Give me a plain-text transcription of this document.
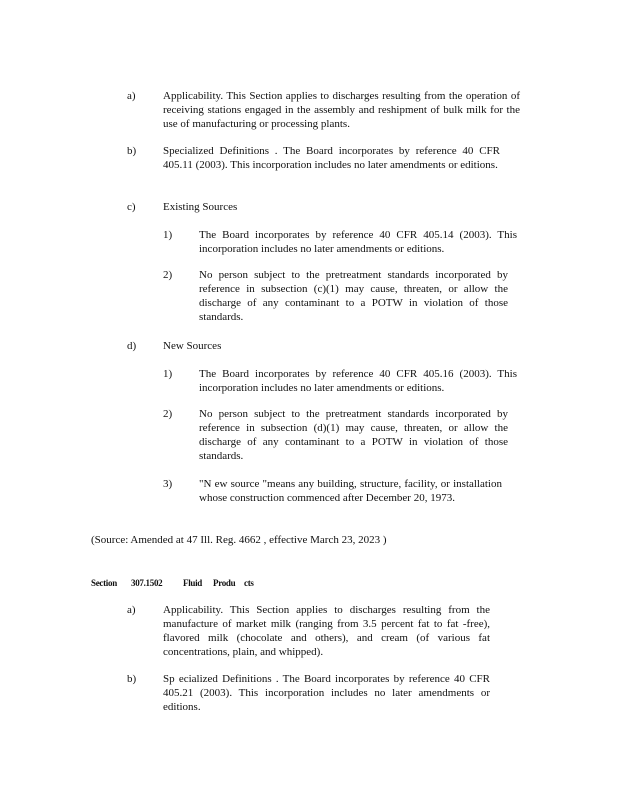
a) Applicability. This Section applies to discharges resulting from the operation of receiving stations engaged in the assembly and reshipment of bulk milk for the use of manufacturing or processing plants.
b) Specialized Definitions . The Board incorporates by reference 40 CFR 405.11 (2003). This incorporation includes no later amendments or editions.
c) Existing Sources
1) The Board incorporates by reference 40 CFR 405.14 (2003). This incorporation includes no later amendments or editions.
2) No person subject to the pretreatment standards incorporated by reference in subsection (c)(1) may cause, threaten, or allow the discharge of any contaminant to a POTW in violation of those standards.
d) New Sources
1) The Board incorporates by reference 40 CFR 405.16 (2003). This incorporation includes no later amendments or editions.
2) No person subject to the pretreatment standards incorporated by reference in subsection (d)(1) may cause, threaten, or allow the discharge of any contaminant to a POTW in violation of those standards.
3) "N ew source "means any building, structure, facility, or installation whose construction commenced after December 20, 1973.
(Source: Amended at 47 Ill. Reg. 4662 , effective March 23, 2023 )
Section 307.1502 Fluid Produ cts
a) Applicability. This Section applies to discharges resulting from the manufacture of market milk (ranging from 3.5 percent fat to fat -free), flavored milk (chocolate and others), and cream (of various fat concentrations, plain, and whipped).
b) Sp ecialized Definitions . The Board incorporates by reference 40 CFR 405.21 (2003). This incorporation includes no later amendments or editions.
